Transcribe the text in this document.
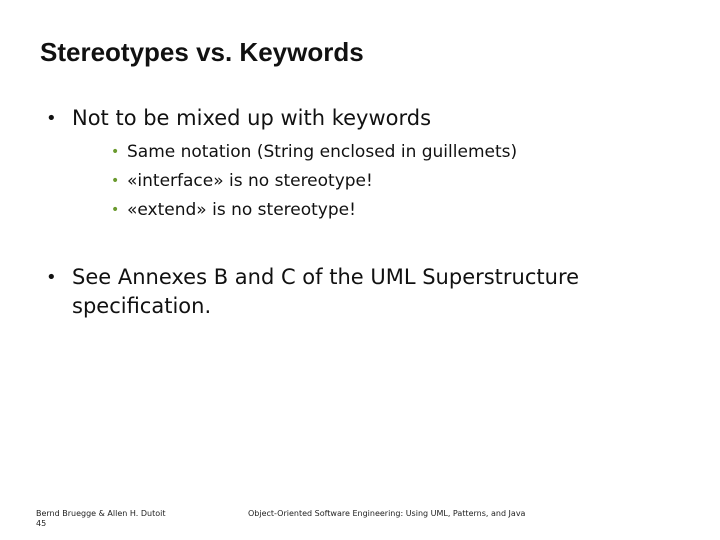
Stereotypes vs. Keywords
• Not to be mixed up with keywords
• Same notation (String enclosed in guillemets)
• «interface» is no stereotype!
• «extend» is no stereotype!
• See Annexes B and C of the UML Superstructure specification.
Bernd Bruegge & Allen H. Dutoit
45
Object-Oriented Software Engineering: Using UML, Patterns, and Java
